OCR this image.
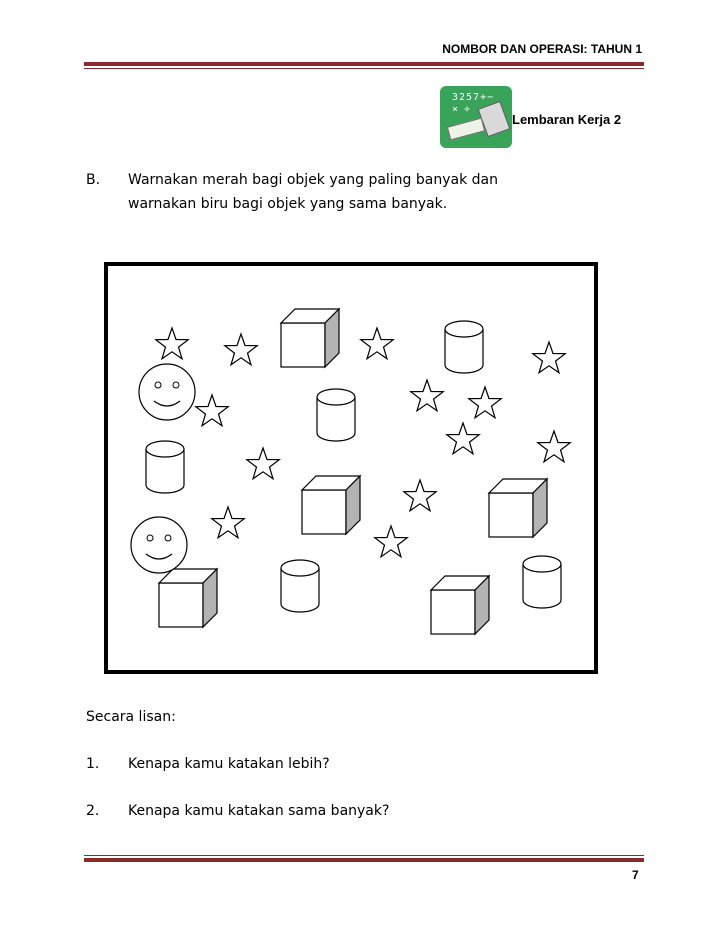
NOMBOR DAN OPERASI: TAHUN 1
3257+−
× ÷
Lembaran Kerja 2
B. Warnakan merah bagi objek yang paling banyak dan
warnakan biru bagi objek yang sama banyak.
Secara lisan:
1. Kenapa kamu katakan lebih?
2. Kenapa kamu katakan sama banyak?
7
